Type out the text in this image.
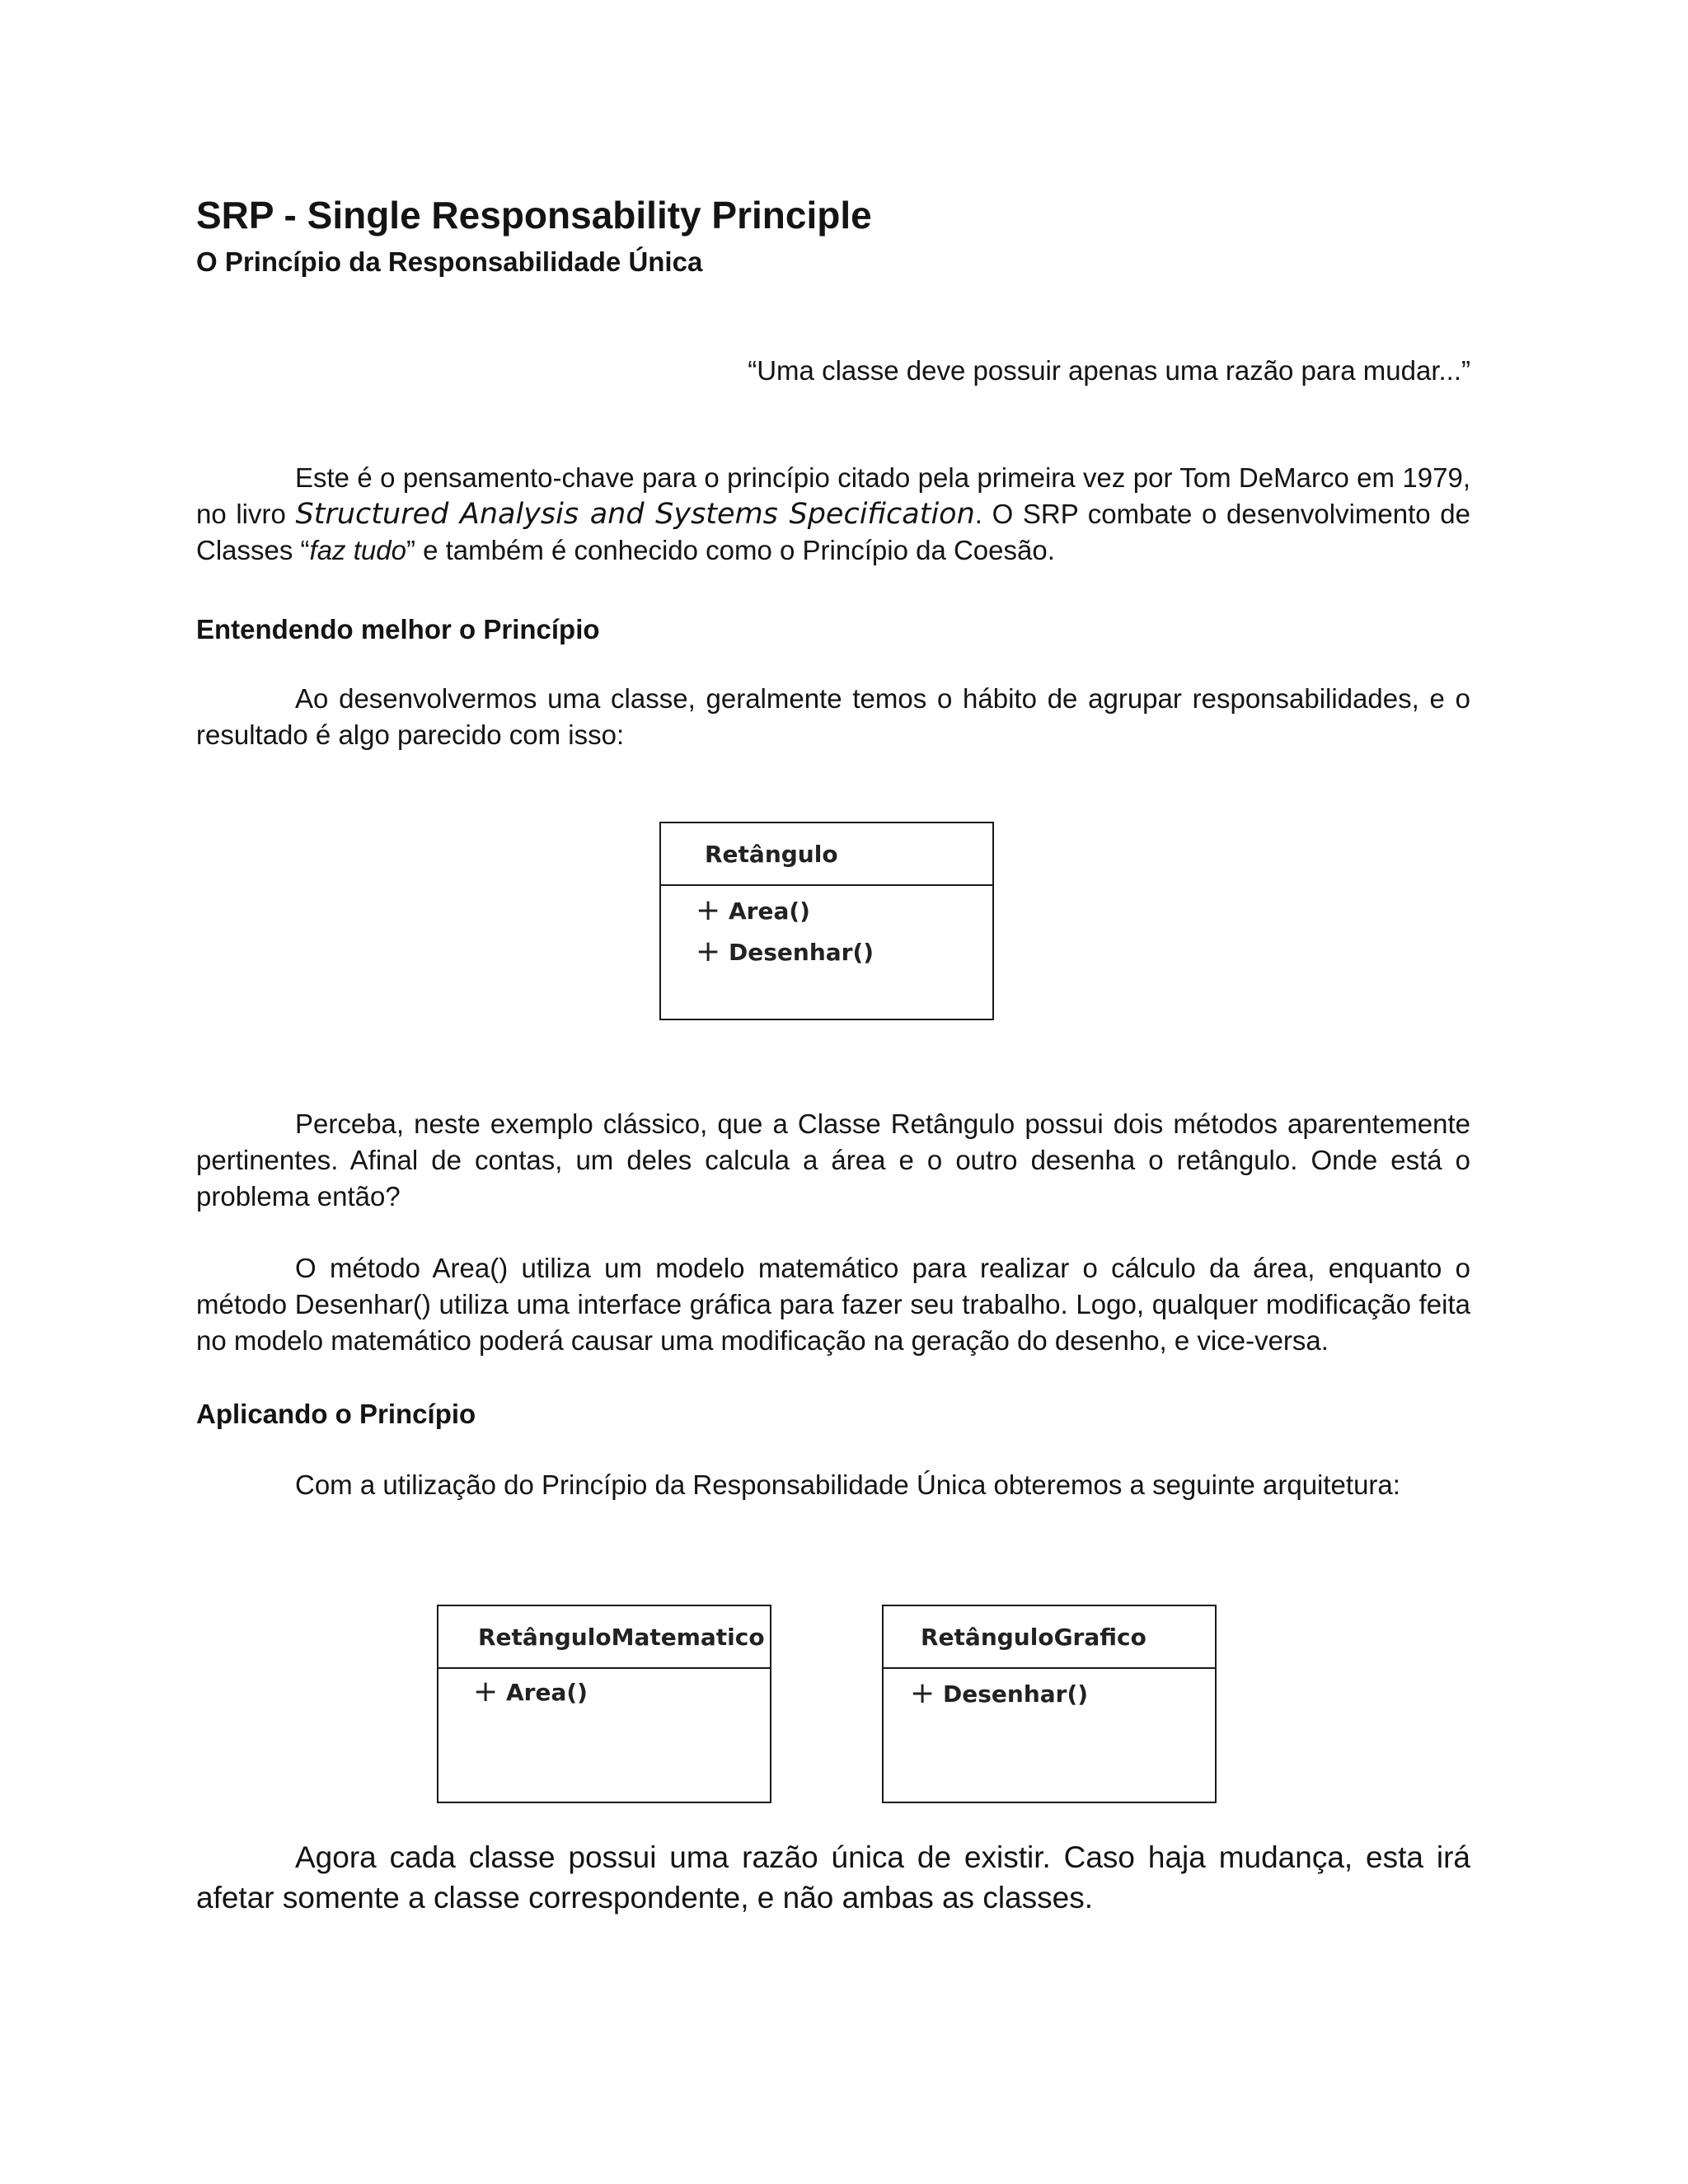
SRP - Single Responsability Principle
O Princípio da Responsabilidade Única
“Uma classe deve possuir apenas uma razão para mudar...”

Este é o pensamento-chave para o princípio citado pela primeira vez por Tom DeMarco em 1979, no livro Structured Analysis and Systems Specification. O SRP combate o desenvolvimento de Classes “faz tudo” e também é conhecido como o Princípio da Coesão.

Entendendo melhor o Princípio

Ao desenvolvermos uma classe, geralmente temos o hábito de agrupar responsabilidades, e o resultado é algo parecido com isso:

Retângulo
+ Area()
+ Desenhar()

Perceba, neste exemplo clássico, que a Classe Retângulo possui dois métodos aparentemente pertinentes. Afinal de contas, um deles calcula a área e o outro desenha o retângulo. Onde está o problema então?

O método Area() utiliza um modelo matemático para realizar o cálculo da área, enquanto o método Desenhar() utiliza uma interface gráfica para fazer seu trabalho. Logo, qualquer modificação feita no modelo matemático poderá causar uma modificação na geração do desenho, e vice-versa.

Aplicando o Princípio

Com a utilização do Princípio da Responsabilidade Única obteremos a seguinte arquitetura:

RetânguloMatematico
+ Area()
RetânguloGrafico
+ Desenhar()

Agora cada classe possui uma razão única de existir. Caso haja mudança, esta irá afetar somente a classe correspondente, e não ambas as classes.
